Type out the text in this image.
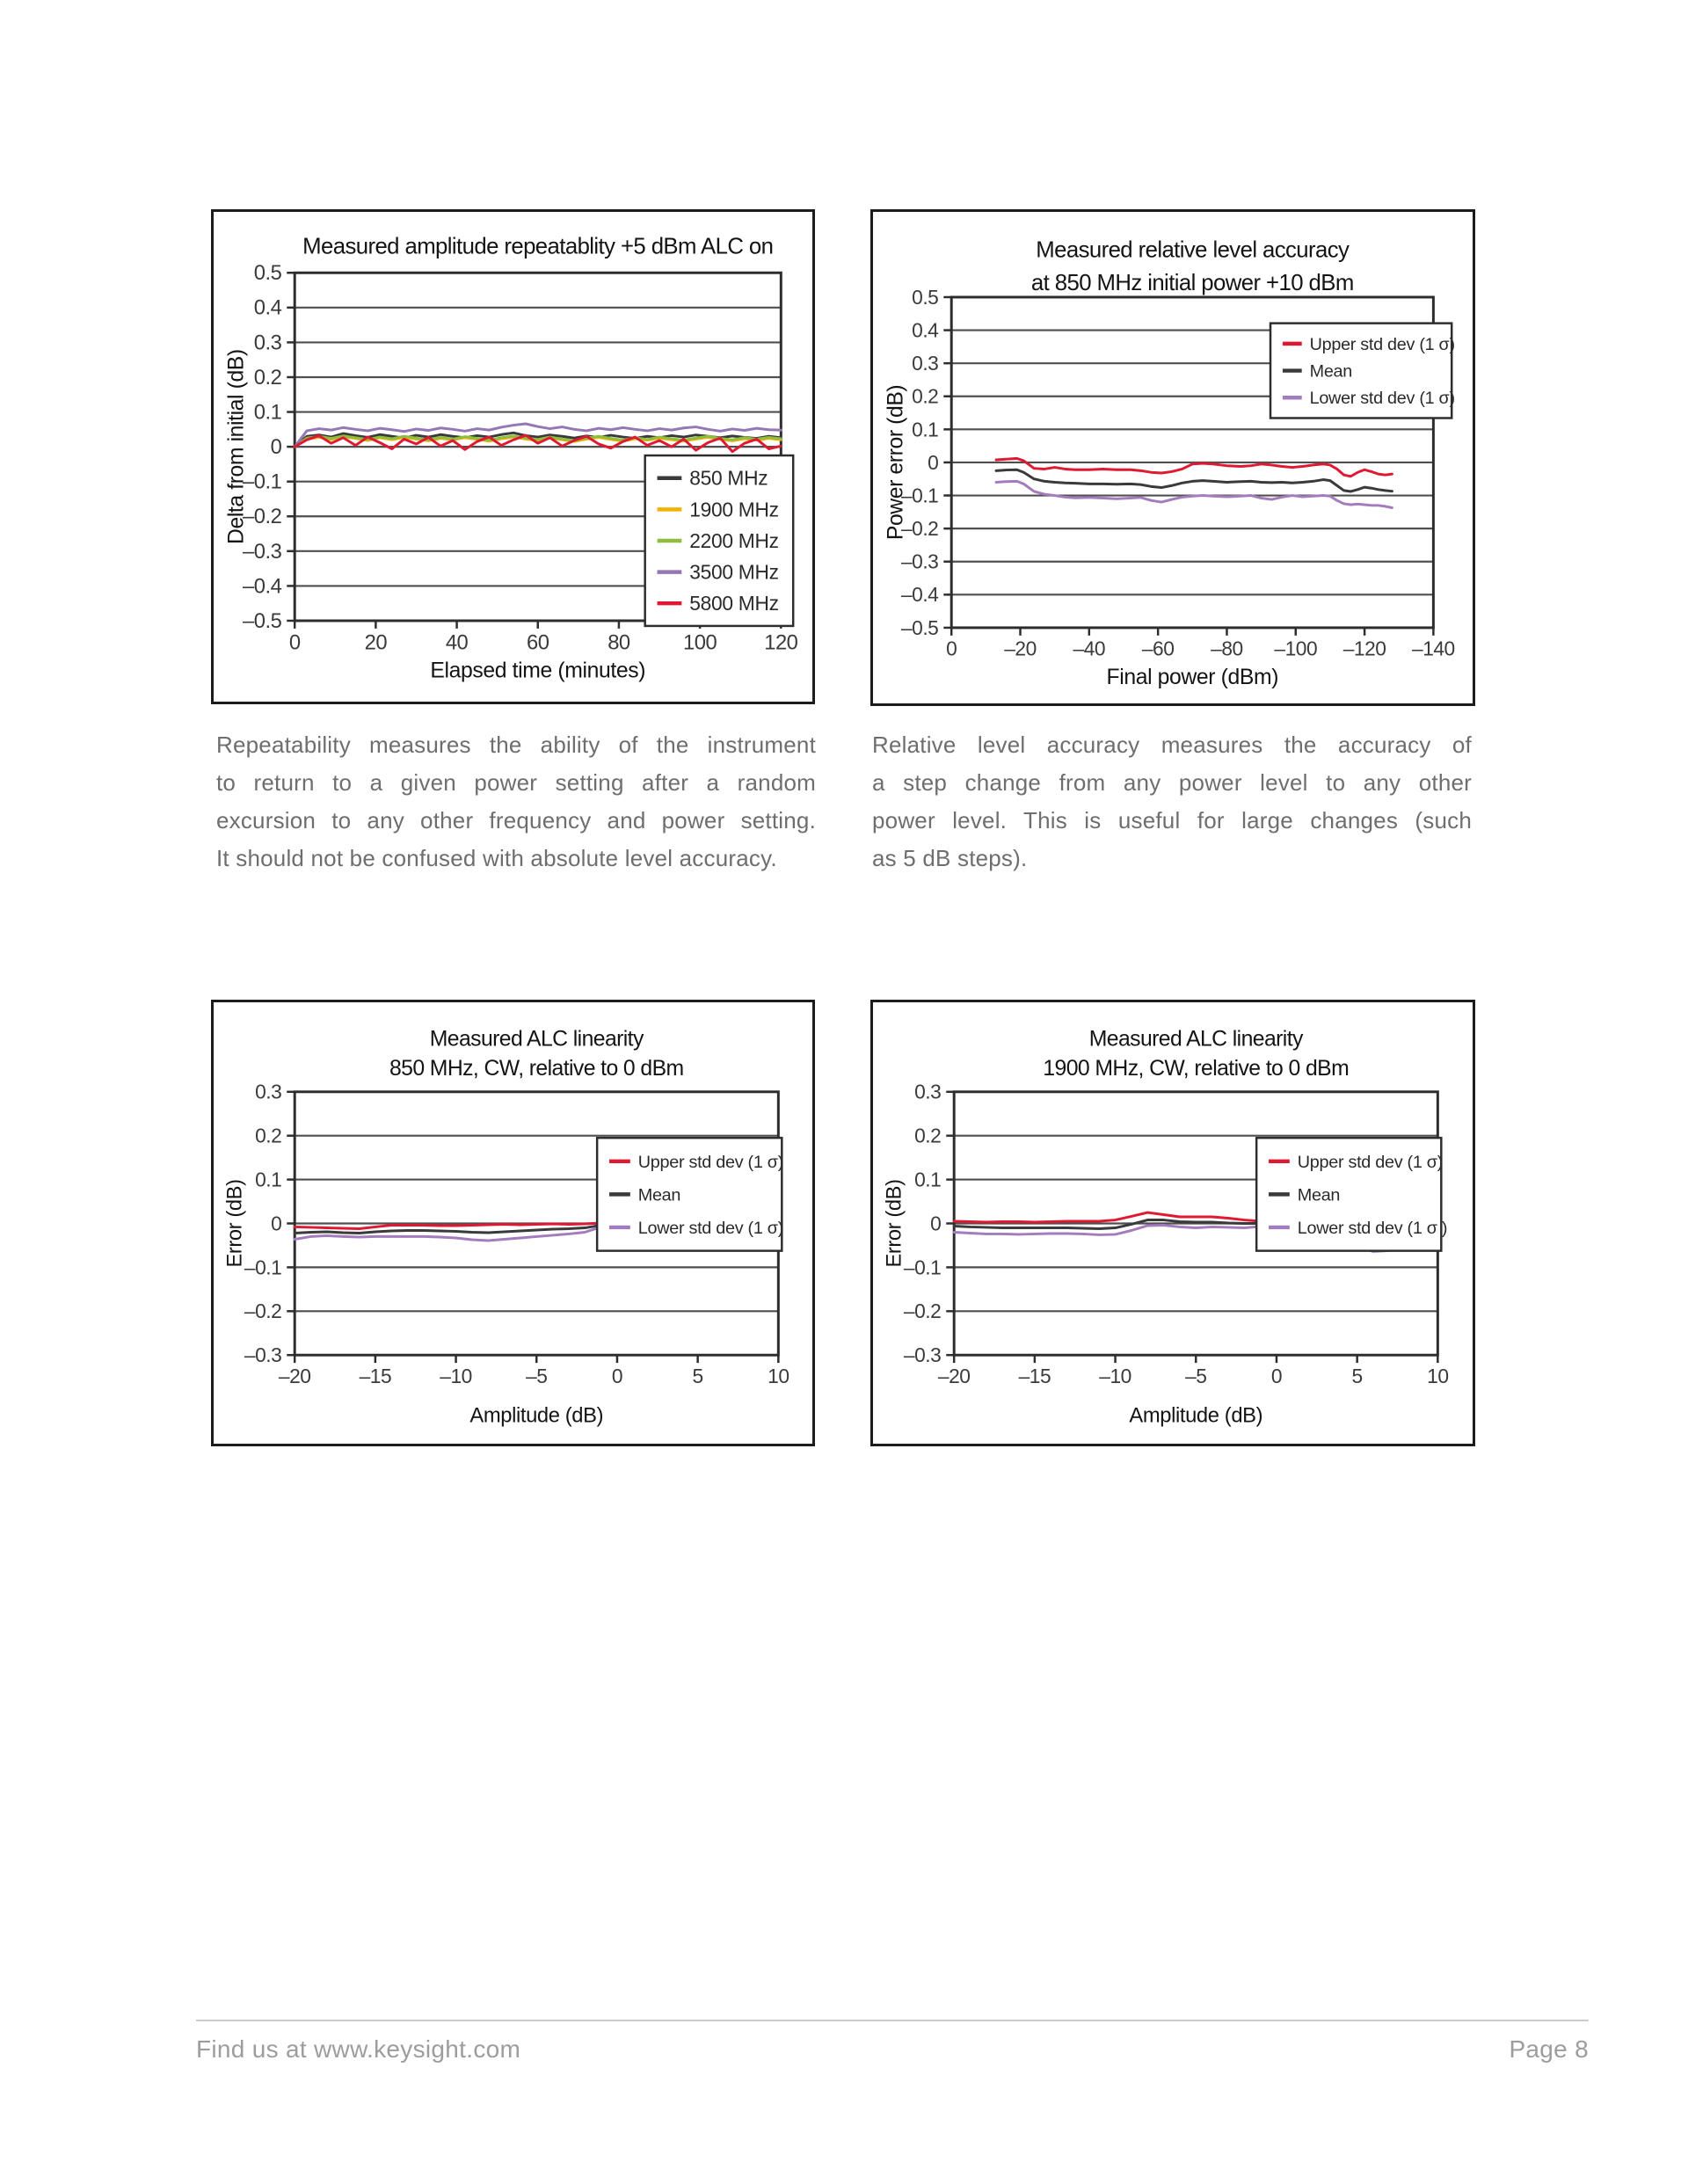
0.5
0.4
0.3
0.2
0.1
0
–0.1
–0.2
–0.3
–0.4
–0.5
0	20	40	60	80	100 120
850 MHz
1900 MHz
2200 MHz
3500 MHz
5800 MHz
Measured amplitude repeatablity +5 dBm ALC on
Elapsed time (minutes)
Delta from initial (dB)
0.5
0.4
0.3
0.2
0.1
0
–0.1
–0.2
–0.3
–0.4
–0.5
0 –20 –40 –60 –80 –100 –120 –140
Upper std dev (1 σ)
Mean
Lower std dev (1 σ)
Measured relative level accuracy
at 850 MHz initial power +10 dBm
Final power (dBm)
Power error (dB)
Repeatability measures the ability of the instrument
to return to a given power setting after a random
excursion to any other frequency and power setting.
It should not be confused with absolute level accuracy.
Relative level accuracy measures the accuracy of
a step change from any power level to any other
power level. This is useful for large changes (such
as 5 dB steps).
0.3
0.2
0.1
0
–0.1
–0.2
–0.3
–20 –15 –10	–5	0	5	10
Upper std dev (1 σ)
Mean
Lower std dev (1 σ)
Measured ALC linearity
850 MHz, CW, relative to 0 dBm
Amplitude (dB)
Error (dB)
0.3
0.2
0.1
0
–0.1
–0.2
–0.3
–20 –15 –10	–5	0	5	10
Upper std dev (1 σ)
Mean
Lower std dev (1 σ )
Measured ALC linearity
1900 MHz, CW, relative to 0 dBm
Amplitude (dB)
Error (dB)
Find us at www.keysight.com	Page 8
